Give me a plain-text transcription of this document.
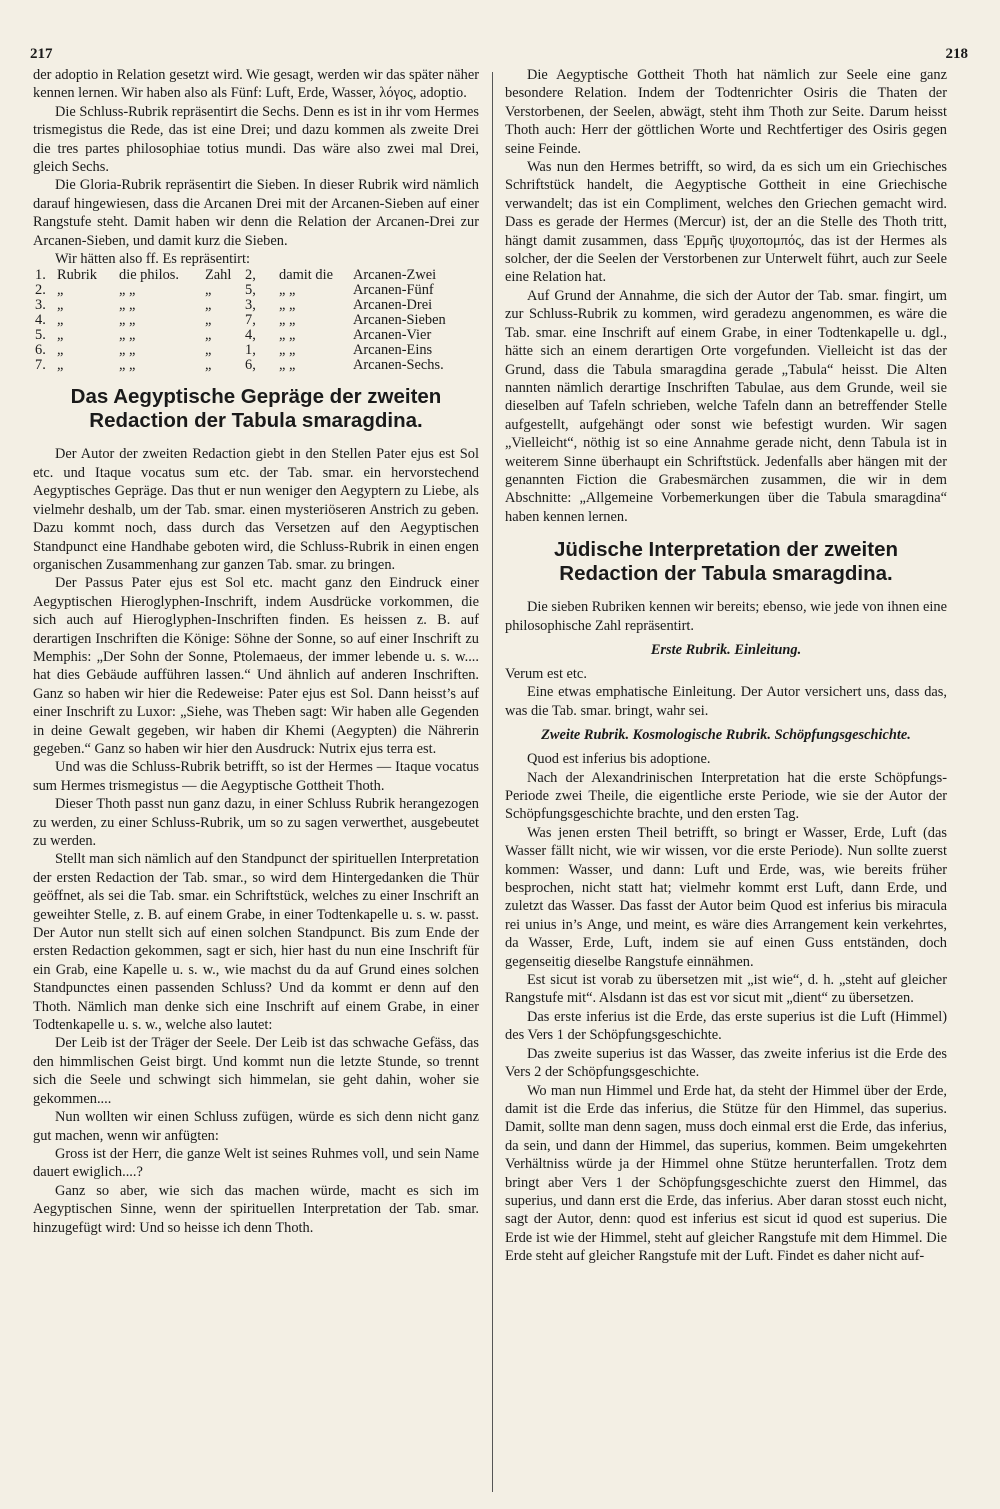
217	218

der adoptio in Relation gesetzt wird. Wie gesagt, werden wir das später näher kennen lernen. Wir haben also als Fünf: Luft, Erde, Wasser, λόγος, adoptio.

Die Schluss-Rubrik repräsentirt die Sechs. Denn es ist in ihr vom Hermes trismegistus die Rede, das ist eine Drei; und dazu kommen als zweite Drei die tres partes philosophiae totius mundi. Das wäre also zwei mal Drei, gleich Sechs.

Die Gloria-Rubrik repräsentirt die Sieben. In dieser Rubrik wird nämlich darauf hingewiesen, dass die Arcanen Drei mit der Arcanen-Sieben auf einer Rangstufe steht. Damit haben wir denn die Relation der Arcanen-Drei zur Arcanen-Sieben, und damit kurz die Sieben.

Wir hätten also ff. Es repräsentirt:

1.	Rubrik	die philos.	Zahl	2,	damit die	Arcanen-Zwei
2.	„	„ „	„	5,	„ „	Arcanen-Fünf
3.	„	„ „	„	3,	„ „	Arcanen-Drei
4.	„	„ „	„	7,	„ „	Arcanen-Sieben
5.	„	„ „	„	4,	„ „	Arcanen-Vier
6.	„	„ „	„	1,	„ „	Arcanen-Eins
7.	„	„ „	„	6,	„ „	Arcanen-Sechs.
Das Aegyptische Gepräge der zweiten Redaction der Tabula smaragdina.

Der Autor der zweiten Redaction giebt in den Stellen Pater ejus est Sol etc. und Itaque vocatus sum etc. der Tab. smar. ein hervorstechend Aegyptisches Gepräge. Das thut er nun weniger den Aegyptern zu Liebe, als vielmehr deshalb, um der Tab. smar. einen mysteriöseren Anstrich zu geben. Dazu kommt noch, dass durch das Versetzen auf den Aegyptischen Standpunct eine Handhabe geboten wird, die Schluss-Rubrik in einen engen organischen Zusammenhang zur ganzen Tab. smar. zu bringen.

Der Passus Pater ejus est Sol etc. macht ganz den Eindruck einer Aegyptischen Hieroglyphen-Inschrift, indem Ausdrücke vorkommen, die sich auch auf Hieroglyphen-Inschriften finden. Es heissen z. B. auf derartigen Inschriften die Könige: Söhne der Sonne, so auf einer Inschrift zu Memphis: „Der Sohn der Sonne, Ptolemaeus, der immer lebende u. s. w.... hat dies Gebäude aufführen lassen.“ Und ähnlich auf anderen Inschriften. Ganz so haben wir hier die Redeweise: Pater ejus est Sol. Dann heisst’s auf einer Inschrift zu Luxor: „Siehe, was Theben sagt: Wir haben alle Gegenden in deine Gewalt gegeben, wir haben dir Khemi (Aegypten) die Nährerin gegeben.“ Ganz so haben wir hier den Ausdruck: Nutrix ejus terra est.

Und was die Schluss-Rubrik betrifft, so ist der Hermes — Itaque vocatus sum Hermes trismegistus — die Aegyptische Gottheit Thoth.

Dieser Thoth passt nun ganz dazu, in einer Schluss Rubrik herangezogen zu werden, zu einer Schluss-Rubrik, um so zu sagen verwerthet, ausgebeutet zu werden.

Stellt man sich nämlich auf den Standpunct der spirituellen Interpretation der ersten Redaction der Tab. smar., so wird dem Hintergedanken die Thür geöffnet, als sei die Tab. smar. ein Schriftstück, welches zu einer Inschrift an geweihter Stelle, z. B. auf einem Grabe, in einer Todtenkapelle u. s. w. passt. Der Autor nun stellt sich auf einen solchen Standpunct. Bis zum Ende der ersten Redaction gekommen, sagt er sich, hier hast du nun eine Inschrift für ein Grab, eine Kapelle u. s. w., wie machst du da auf Grund eines solchen Standpunctes einen passenden Schluss? Und da kommt er denn auf den Thoth. Nämlich man denke sich eine Inschrift auf einem Grabe, in einer Todtenkapelle u. s. w., welche also lautet:

Der Leib ist der Träger der Seele. Der Leib ist das schwache Gefäss, das den himmlischen Geist birgt. Und kommt nun die letzte Stunde, so trennt sich die Seele und schwingt sich himmelan, sie geht dahin, woher sie gekommen....

Nun wollten wir einen Schluss zufügen, würde es sich denn nicht ganz gut machen, wenn wir anfügten:

Gross ist der Herr, die ganze Welt ist seines Ruhmes voll, und sein Name dauert ewiglich....?

Ganz so aber, wie sich das machen würde, macht es sich im Aegyptischen Sinne, wenn der spirituellen Interpretation der Tab. smar. hinzugefügt wird: Und so heisse ich denn Thoth.

Die Aegyptische Gottheit Thoth hat nämlich zur Seele eine ganz besondere Relation. Indem der Todtenrichter Osiris die Thaten der Verstorbenen, der Seelen, abwägt, steht ihm Thoth zur Seite. Darum heisst Thoth auch: Herr der göttlichen Worte und Rechtfertiger des Osiris gegen seine Feinde.

Was nun den Hermes betrifft, so wird, da es sich um ein Griechisches Schriftstück handelt, die Aegyptische Gottheit in eine Griechische verwandelt; das ist ein Compliment, welches den Griechen gemacht wird. Dass es gerade der Hermes (Mercur) ist, der an die Stelle des Thoth tritt, hängt damit zusammen, dass Ἑρμῆς ψυχοπομπός, das ist der Hermes als solcher, der die Seelen der Verstorbenen zur Unterwelt führt, auch zur Seele eine Relation hat.

Auf Grund der Annahme, die sich der Autor der Tab. smar. fingirt, um zur Schluss-Rubrik zu kommen, wird geradezu angenommen, es wäre die Tab. smar. eine Inschrift auf einem Grabe, in einer Todtenkapelle u. dgl., hätte sich an einem derartigen Orte vorgefunden. Vielleicht ist das der Grund, dass die Tabula smaragdina gerade „Tabula“ heisst. Die Alten nannten nämlich derartige Inschriften Tabulae, aus dem Grunde, weil sie dieselben auf Tafeln schrieben, welche Tafeln dann an betreffender Stelle aufgestellt, aufgehängt oder sonst wie befestigt wurden. Wir sagen „Vielleicht“, nöthig ist so eine Annahme gerade nicht, denn Tabula ist in weiterem Sinne überhaupt ein Schriftstück. Jedenfalls aber hängen mit der genannten Fiction die Grabesmärchen zusammen, die wir in dem Abschnitte: „Allgemeine Vorbemerkungen über die Tabula smaragdina“ haben kennen lernen.

Jüdische Interpretation der zweiten Redaction der Tabula smaragdina.

Die sieben Rubriken kennen wir bereits; ebenso, wie jede von ihnen eine philosophische Zahl repräsentirt.

Erste Rubrik. Einleitung.

Verum est etc.

Eine etwas emphatische Einleitung. Der Autor versichert uns, dass das, was die Tab. smar. bringt, wahr sei.

Zweite Rubrik. Kosmologische Rubrik. Schöpfungsgeschichte.

Quod est inferius bis adoptione.

Nach der Alexandrinischen Interpretation hat die erste Schöpfungs-Periode zwei Theile, die eigentliche erste Periode, wie sie der Autor der Schöpfungsgeschichte brachte, und den ersten Tag.

Was jenen ersten Theil betrifft, so bringt er Wasser, Erde, Luft (das Wasser fällt nicht, wie wir wissen, vor die erste Periode). Nun sollte zuerst kommen: Wasser, und dann: Luft und Erde, was, wie bereits früher besprochen, nicht statt hat; vielmehr kommt erst Luft, dann Erde, und zuletzt das Wasser. Das fasst der Autor beim Quod est inferius bis miracula rei unius in’s Ange, und meint, es wäre dies Arrangement kein verkehrtes, da Wasser, Erde, Luft, indem sie auf einen Guss entständen, doch gegenseitig dieselbe Rangstufe einnähmen.

Est sicut ist vorab zu übersetzen mit „ist wie“, d. h. „steht auf gleicher Rangstufe mit“. Alsdann ist das est vor sicut mit „dient“ zu übersetzen.

Das erste inferius ist die Erde, das erste superius ist die Luft (Himmel) des Vers 1 der Schöpfungsgeschichte.

Das zweite superius ist das Wasser, das zweite inferius ist die Erde des Vers 2 der Schöpfungsgeschichte.

Wo man nun Himmel und Erde hat, da steht der Himmel über der Erde, damit ist die Erde das inferius, die Stütze für den Himmel, das superius. Damit, sollte man denn sagen, muss doch einmal erst die Erde, das inferius, da sein, und dann der Himmel, das superius, kommen. Beim umgekehrten Verhältniss würde ja der Himmel ohne Stütze herunterfallen. Trotz dem bringt aber Vers 1 der Schöpfungsgeschichte zuerst den Himmel, das superius, und dann erst die Erde, das inferius. Aber daran stosst euch nicht, sagt der Autor, denn: quod est inferius est sicut id quod est superius. Die Erde ist wie der Himmel, steht auf gleicher Rangstufe mit dem Himmel. Die Erde steht auf gleicher Rangstufe mit der Luft. Findet es daher nicht auf-
